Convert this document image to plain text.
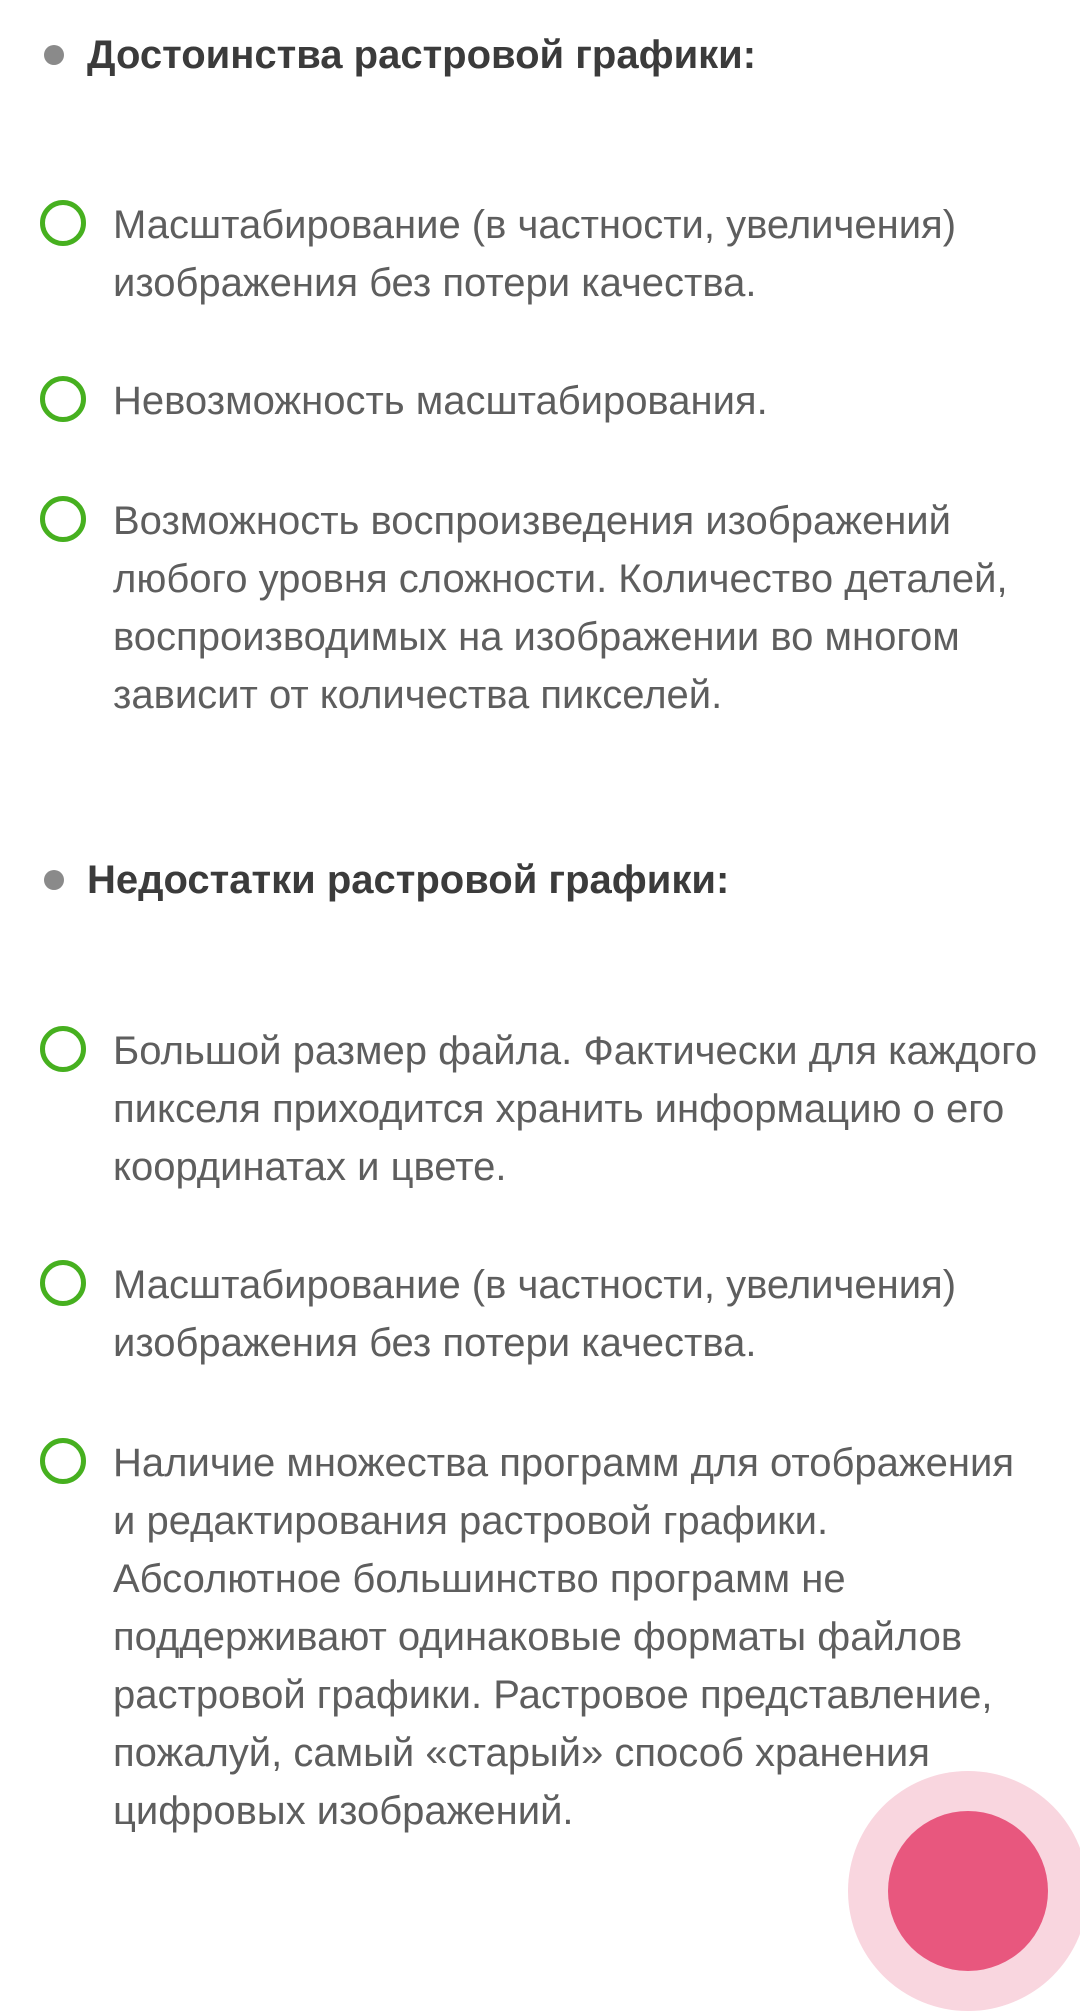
Достоинства растровой графики:
Масштабирование (в частности, увеличения) изображения без потери качества.
Невозможность масштабирования.
Возможность воспроизведения изображений любого уровня сложности. Количество деталей, воспроизводимых на изображении во многом зависит от количества пикселей.
Недостатки растровой графики:
Большой размер файла. Фактически для каждого пикселя приходится хранить информацию о его координатах и цвете.
Масштабирование (в частности, увеличения) изображения без потери качества.
Наличие множества программ для отображения и редактирования растровой графики. Абсолютное большинство программ не поддерживают одинаковые форматы файлов растровой графики. Растровое представление, пожалуй, самый «старый» способ хранения цифровых изображений.
